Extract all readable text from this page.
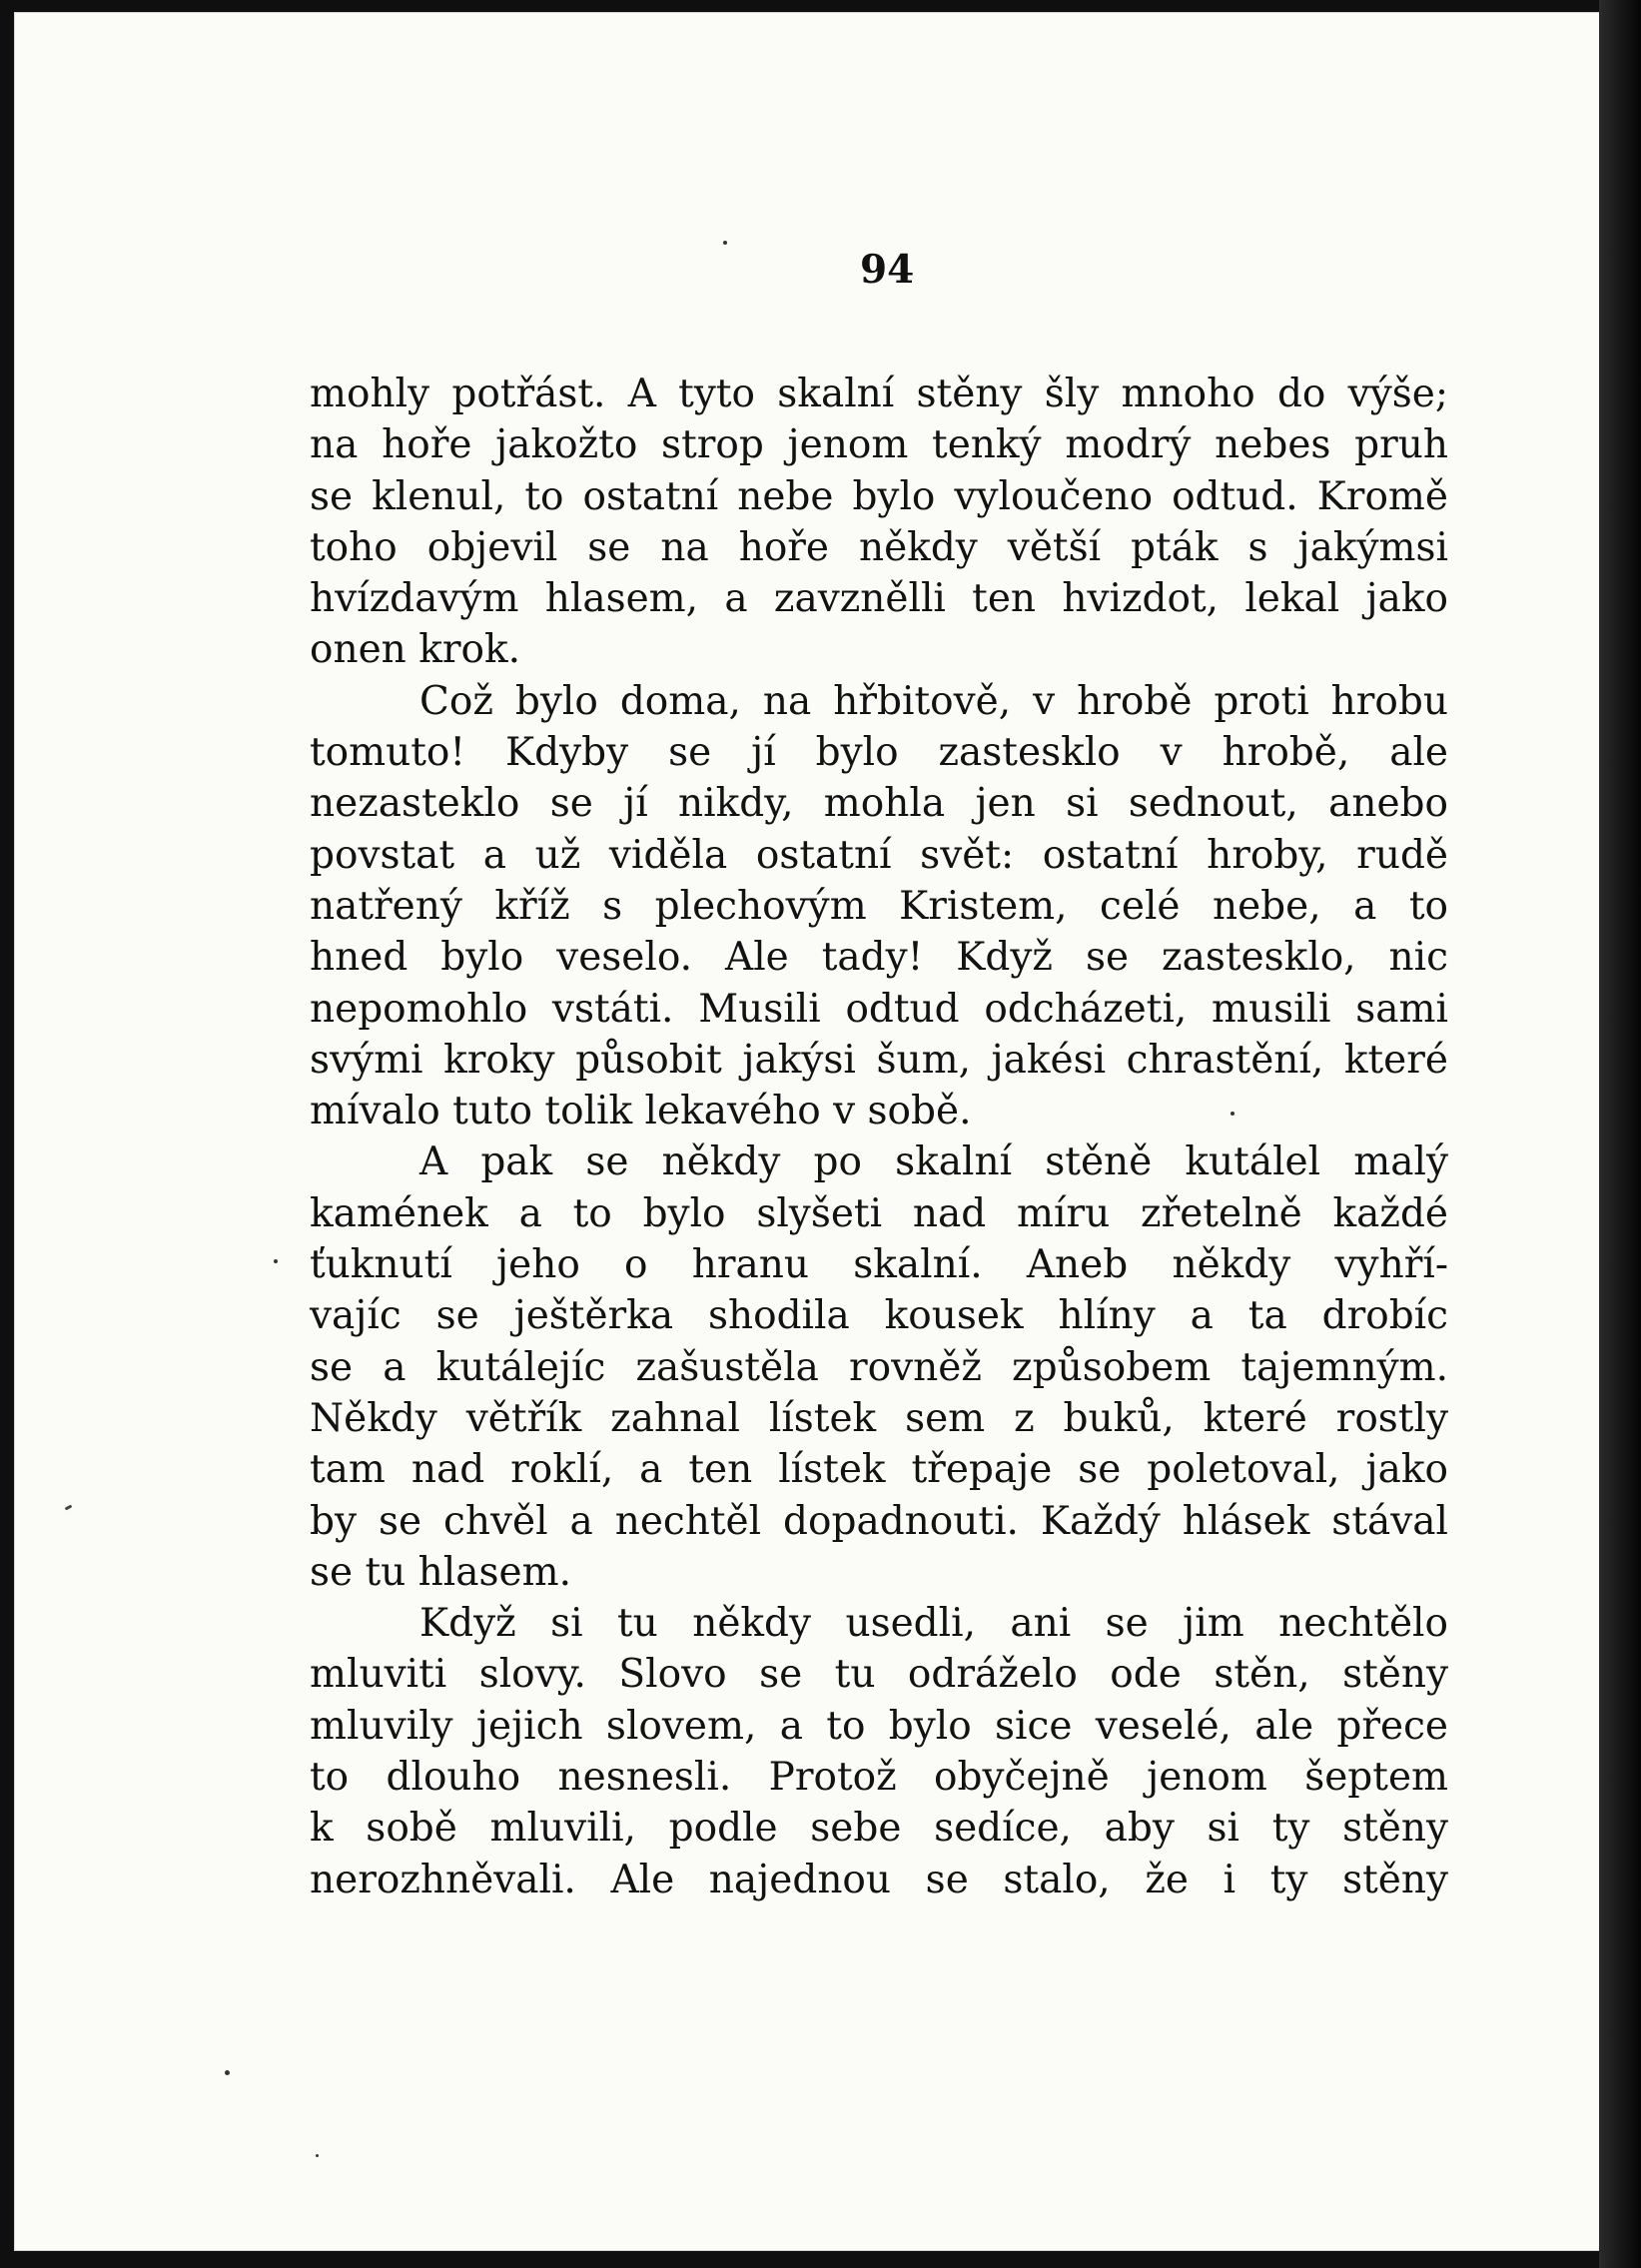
94
mohly potřást. A tyto skalní stěny šly mnoho do výše;
na hoře jakožto strop jenom tenký modrý nebes pruh
se klenul, to ostatní nebe bylo vyloučeno odtud. Kromě
toho objevil se na hoře někdy větší pták s jakýmsi
hvízdavým hlasem, a zavznělli ten hvizdot, lekal jako
onen krok.
Což bylo doma, na hřbitově, v hrobě proti hrobu
tomuto! Kdyby se jí bylo zastesklo v hrobě, ale
nezasteklo se jí nikdy, mohla jen si sednout, anebo
povstat a už viděla ostatní svět: ostatní hroby, rudě
natřený kříž s plechovým Kristem, celé nebe, a to
hned bylo veselo. Ale tady! Když se zastesklo, nic
nepomohlo vstáti. Musili odtud odcházeti, musili sami
svými kroky působit jakýsi šum, jakési chrastění, které
mívalo tuto tolik lekavého v sobě.
A pak se někdy po skalní stěně kutálel malý
kamének a to bylo slyšeti nad míru zřetelně každé
ťuknutí jeho o hranu skalní. Aneb někdy vyhří-
vajíc se ještěrka shodila kousek hlíny a ta drobíc
se a kutálejíc zašustěla rovněž způsobem tajemným.
Někdy větřík zahnal lístek sem z buků, které rostly
tam nad roklí, a ten lístek třepaje se poletoval, jako
by se chvěl a nechtěl dopadnouti. Každý hlásek stával
se tu hlasem.
Když si tu někdy usedli, ani se jim nechtělo
mluviti slovy. Slovo se tu odráželo ode stěn, stěny
mluvily jejich slovem, a to bylo sice veselé, ale přece
to dlouho nesnesli. Protož obyčejně jenom šeptem
k sobě mluvili, podle sebe sedíce, aby si ty stěny
nerozhněvali. Ale najednou se stalo, že i ty stěny
